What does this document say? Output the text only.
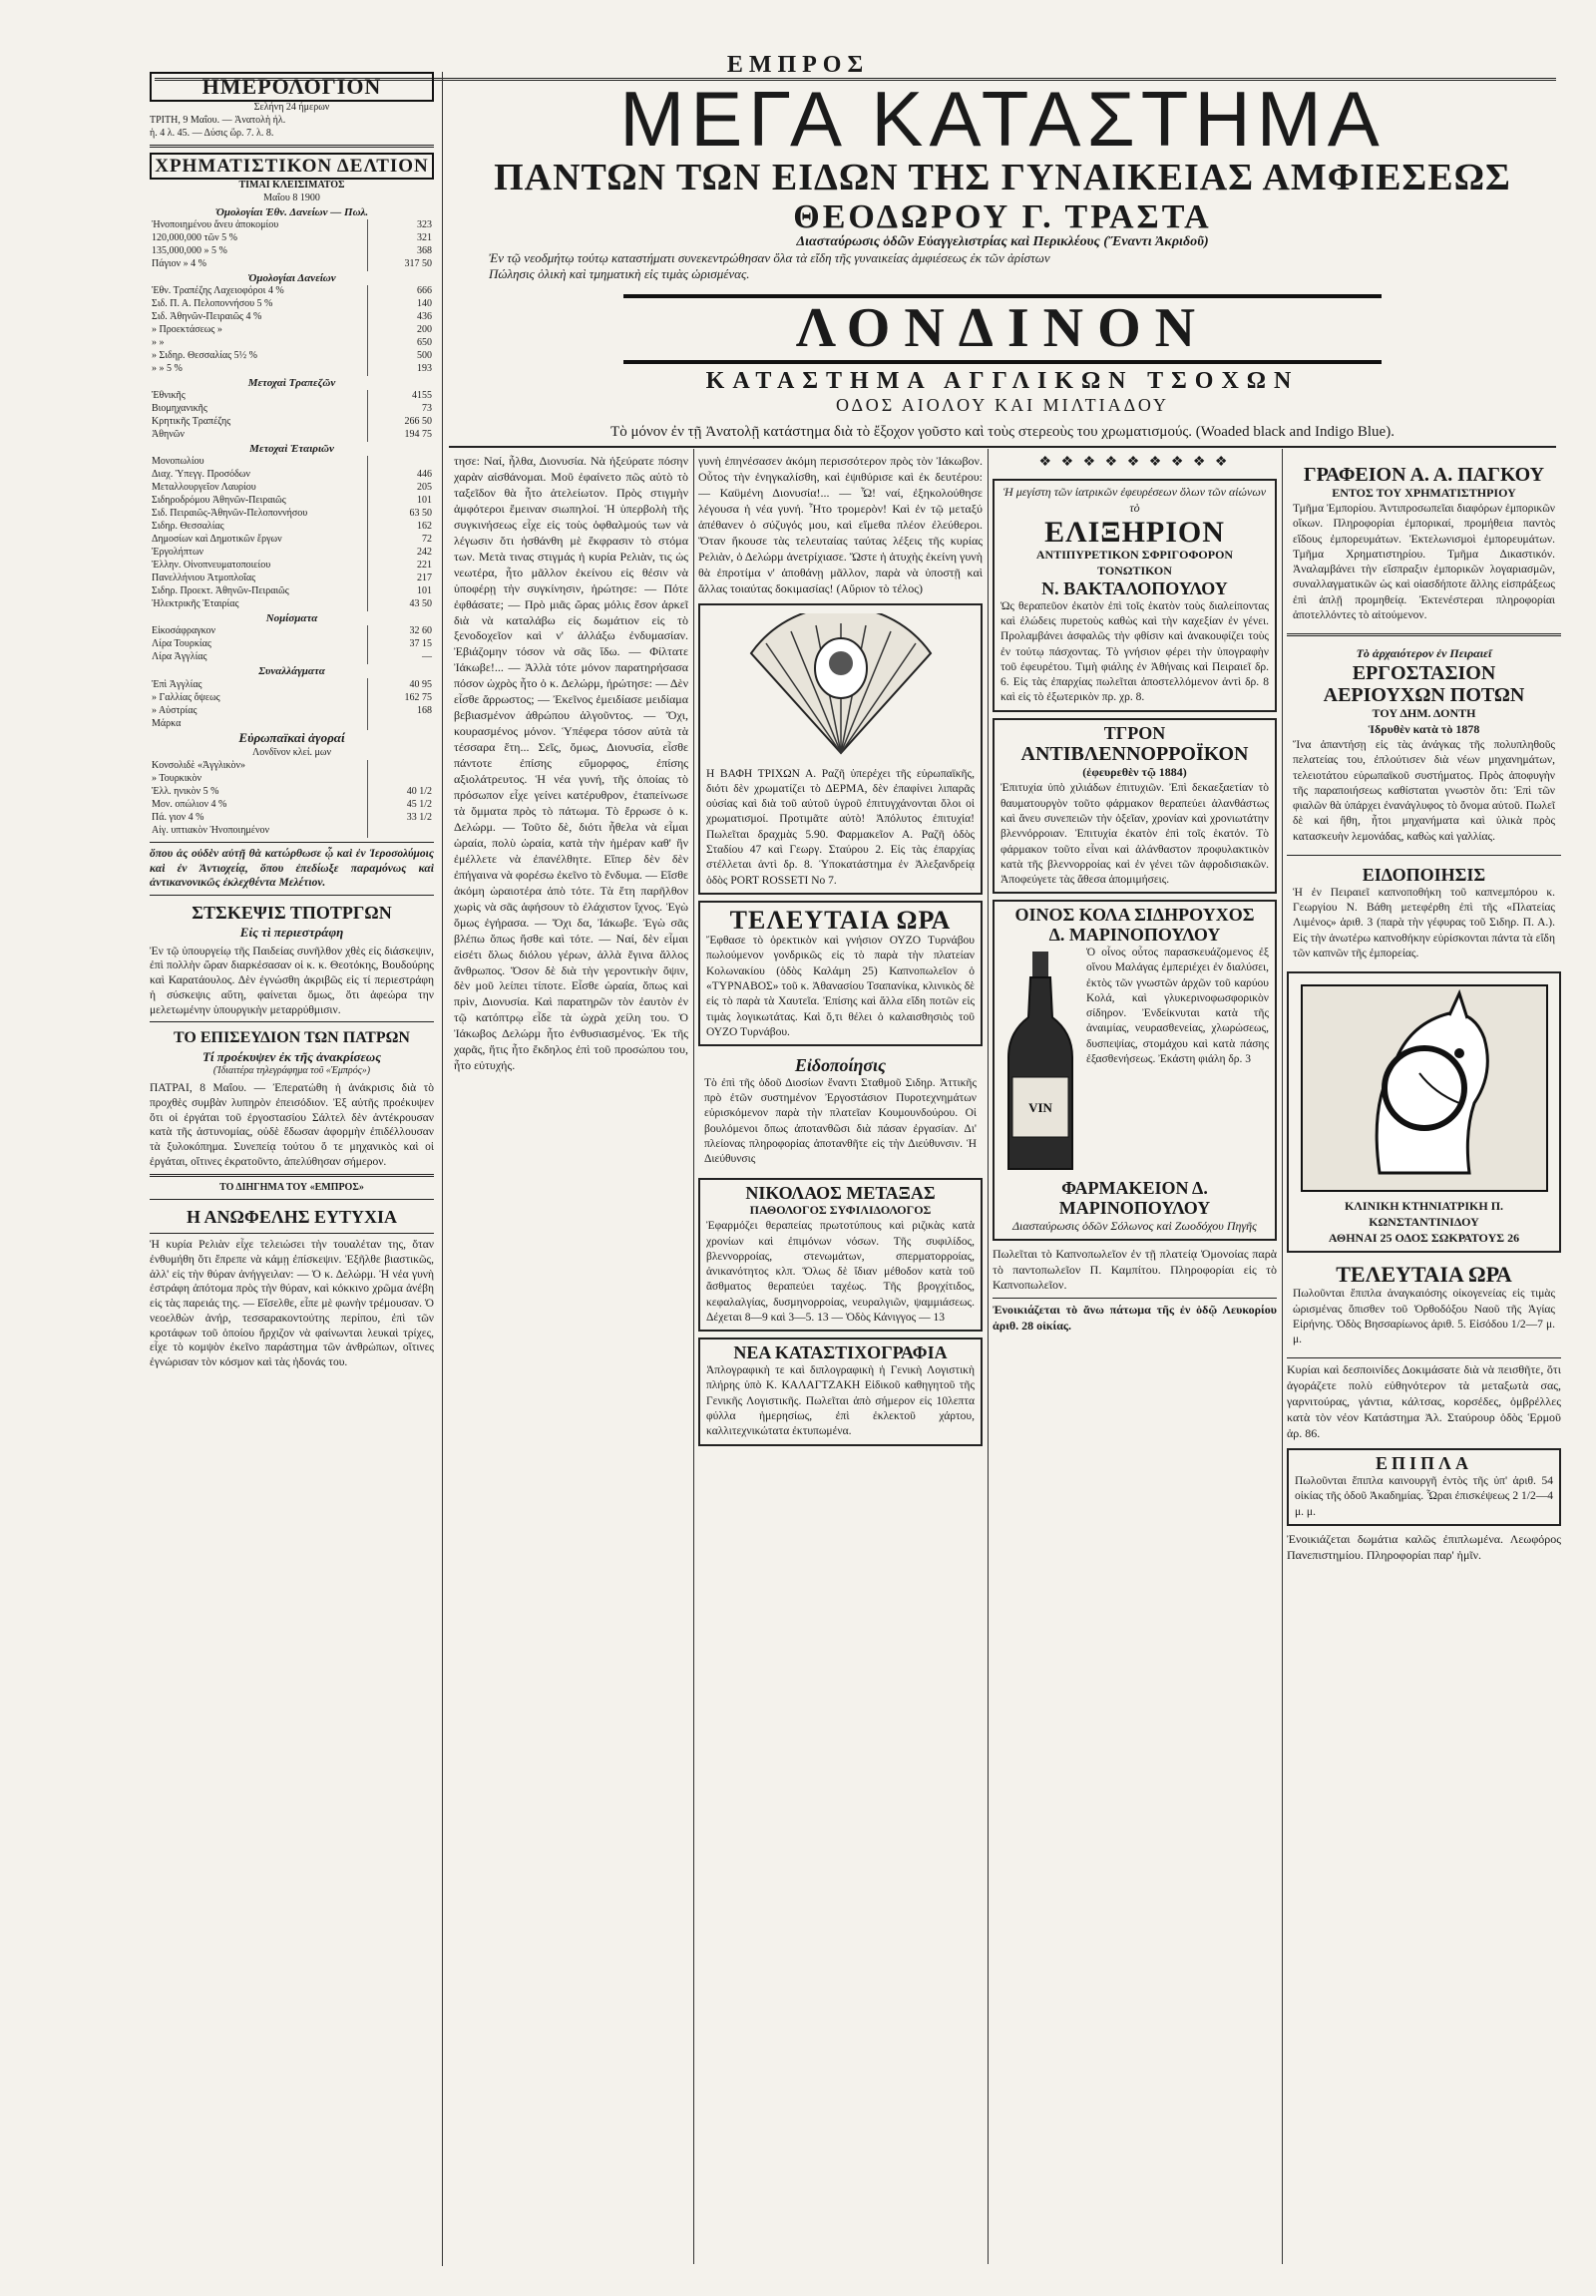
ΕΜΠΡΟΣ
ΗΜΕΡΟΛΟΓΙΟΝ
Σελήνη 24 ήμερων
ΤΡΙΤΗ, 9 Μαΐου. — Ἀνατολὴ ἡλ.
ἡ. 4 λ. 45. — Δύσις ὥρ. 7. λ. 8.
ΧΡΗΜΑΤΙΣΤΙΚΟΝ ΔΕΛΤΙΟΝ
ΤΙΜΑΙ ΚΛΕΙΣΙΜΑΤΟΣ
Μαΐου 8 1900
Ὁμολογίαι Ἐθν. Δανείων — Πωλ.
Ἠνοποιημένου ἄνευ ἀποκομίου	323
120,000,000 τῶν 5 %	321
135,000,000 » 5 %	368
Πάγιον » 4 %	317 50
Ὁμολογίαι Δανείων
Ἐθν. Τραπέζης Λαχειοφόροι 4 %	666
Σιδ. Π. Α. Πελοποννήσου 5 %	140
Σιδ. Ἀθηνῶν-Πειραιῶς 4 %	436
» Προεκτάσεως »	200
» »	650
» Σιδηρ. Θεσσαλίας 5½ %	500
» » 5 %	193
Μετοχαὶ Τραπεζῶν
Ἐθνικῆς	4155
Βιομηχανικῆς	73
Κρητικῆς Τραπέζης	266 50
Ἀθηνῶν	194 75
Μετοχαὶ Ἑταιριῶν
Μονοπωλίου	
Διαχ. Ὑπεγγ. Προσόδων	446
Μεταλλουργεῖον Λαυρίου	205
Σιδηροδρόμου Ἀθηνῶν-Πειραιῶς	101
Σιδ. Πειραιῶς-Ἀθηνῶν-Πελοποννήσου	63 50
Σιδηρ. Θεσσαλίας	162
Δημοσίων καὶ Δημοτικῶν ἔργων	72
Ἐργολήπτων	242
Ἑλλην. Οἰνοπνευματοποιείου	221
Πανελλήνιου Ἀτμοπλοΐας	217
Σιδηρ. Προεκτ. Ἀθηνῶν-Πειραιῶς	101
Ἠλεκτρικῆς Ἑταιρίας	43 50
Νομίσματα
Εἰκοσάφραγκον	32 60
Λίρα Τουρκίας	37 15
Λίρα Ἀγγλίας	—
Συναλλάγματα
Ἐπὶ Ἀγγλίας	40 95
» Γαλλίας ὄψεως	162 75
» Αὐστρίας	168
Μάρκα	
Εὐρωπαϊκαὶ ἀγοραί
Λονδῖνον κλεί. μων
Κονσολιδὲ «Ἀγγλικὸν»	
» Τουρκικὸν	
Ἑλλ. ηνικὸν 5 %	40 1/2
Μον. οπώλιον 4 %	45 1/2
Πά. γιον 4 %	33 1/2
Αἰγ. υπτιακὸν Ἠνοποιημένον	
ὅπου ἀς οὐδὲν αὐτῇ θὰ κατώρθωσε ᾧ καὶ ἐν Ἱεροσολύμοις καὶ ἐν Ἀντιοχείᾳ, ὅπου ἐπεδίωξε παραμόνως καὶ ἀντικανονικῶς ἐκλεχθέντα Μελέτιον.
ΣΤΣΚΕΨΙΣ ΤΠΟΤΡΓΩΝ
Εἰς τὶ περιεστράφη
Ἐν τῷ ὑπουργείῳ τῆς Παιδείας συνῆλθον χθὲς εἰς διάσκεψιν, ἐπὶ πολλὴν ὥραν διαρκέσασαν οἱ κ. κ. Θεοτόκης, Βουδούρης καὶ Καρατάουλος. Δὲν ἐγνώσθη ἀκριβῶς εἰς τί περιεστράφη ἡ σύσκεψις αὕτη, φαίνεται ὅμως, ὅτι ἀφεώρα την μελετωμένην ὑπουργικὴν μεταρρύθμισιν.
ΤΟ ΕΠΙΣΕΥΔΙΟΝ ΤΩΝ ΠΑΤΡΩΝ
Τί προέκυψεν ἐκ τῆς ἀνακρίσεως
(Ἰδιαιτέρα τηλεγράφημα τοῦ «Ἐμπρός»)
ΠΑΤΡΑΙ, 8 Μαΐου. — Ἐπερατώθη ἡ ἀνάκρισις διὰ τὸ προχθὲς συμβὰν λυπηρὸν ἐπεισόδιον. Ἐξ αὐτῆς προέκυψεν ὅτι οἱ ἐργάται τοῦ ἐργοστασίου Σάλτελ δὲν ἀντέκρουσαν κατὰ τῆς ἀστυνομίας, οὐδὲ ἔδωσαν ἀφορμὴν ἐπιδέλλουσαν τὰ ξυλοκόπημα. Συνεπείᾳ τούτου ὅ τε μηχανικὸς καὶ οἱ ἐργάται, οἵτινες ἐκρατοῦντο, ἀπελύθησαν σήμερον.
ΤΟ ΔΙΗΓΗΜΑ ΤΟΥ «ΕΜΠΡΟΣ»
Η ΑΝΩΦΕΛΗΣ ΕΥΤΥΧΙΑ
Ἡ κυρία Ρελιὰν εἶχε τελειώσει τὴν τουαλέταν της, ὅταν ἐνθυμήθη ὅτι ἔπρεπε νὰ κάμῃ ἐπίσκεψιν. Ἐξῆλθε βιαστικῶς, ἀλλ' εἰς τὴν θύραν ἀνήγγειλαν: — Ὁ κ. Δελώρμ. Ἡ νέα γυνὴ ἐστράφη ἀπότομα πρὸς τὴν θύραν, καὶ κόκκινο χρῶμα ἀνέβη εἰς τὰς παρειάς της. — Εἴσελθε, εἶπε μὲ φωνὴν τρέμουσαν. Ὁ νεοελθὼν ἀνήρ, τεσσαρακοντούτης περίπου, ἐπὶ τῶν κροτάφων τοῦ ὁποίου ἤρχιζον νὰ φαίνωνται λευκαὶ τρίχες, εἶχε τὸ κομψὸν ἐκεῖνο παράστημα τῶν ἀνθρώπων, οἵτινες ἐγνώρισαν τὸν κόσμον καὶ τὰς ἡδονάς του.
ΜΕΓΑ ΚΑΤΑΣΤΗΜΑ
ΠΑΝΤΩΝ ΤΩΝ ΕΙΔΩΝ ΤΗΣ ΓΥΝΑΙΚΕΙΑΣ ΑΜΦΙΕΣΕΩΣ
ΘΕΟΔΩΡΟΥ Γ. ΤΡΑΣΤΑ
Διασταύρωσις ὁδῶν Εὐαγγελιστρίας καὶ Περικλέους (Ἔναντι Ἀκριδοῦ)
Ἐν τῷ νεοδμήτῳ τούτῳ καταστήματι συνεκεντρώθησαν ὅλα τὰ εἴδη τῆς γυναικείας ἀμφιέσεως ἐκ τῶν ἀρίστων
Πώλησις ὁλικὴ καὶ τμηματικὴ εἰς τιμὰς ὡρισμένας.
ΛΟΝΔΙΝΟΝ
ΚΑΤΑΣΤΗΜΑ ΑΓΓΛΙΚΩΝ ΤΣΟΧΩΝ
ΟΔΟΣ ΑΙΟΛΟΥ ΚΑΙ ΜΙΛΤΙΑΔΟΥ
Τὸ μόνον ἐν τῇ Ἀνατολῇ κατάστημα διὰ τὸ ἔξοχον γοῦστο καὶ τοὺς στερεοὺς του χρωματισμούς. (Woaded black and Indigo Blue).
τησε: Ναί, ἦλθα, Διονυσία. Νὰ ἠξεύρατε πόσην χαρὰν αἰσθάνομαι. Μοῦ ἐφαίνετο πῶς αὐτὸ τὸ ταξεῖδον θὰ ἦτο ἀτελείωτον. Πρὸς στιγμὴν ἀμφότεροι ἔμειναν σιωπηλοί. Ἡ ὑπερβολὴ τῆς συγκινήσεως εἶχε εἰς τοὺς ὀφθαλμούς των νὰ λέγωσιν ὅτι ἠσθάνθη μὲ ἔκφρασιν τὸ στόμα των. Μετὰ τινας στιγμάς ἡ κυρία Ρελιὰν, τις ὡς νεωτέρα, ἦτο μᾶλλον ἐκείνου εἰς θέσιν νὰ ὑποφέρῃ τὴν συγκίνησιν, ἠρώτησε: — Πότε ἐφθάσατε; — Πρὸ μιᾶς ὥρας μόλις ἔσον ἀρκεῖ διὰ νὰ καταλάβω εἰς δωμάτιον εἰς τὸ ξενοδοχεῖον καὶ ν' ἀλλάξω ἐνδυμασίαν. Ἐβιάζομην τόσον νὰ σᾶς ἴδω. — Φίλτατε Ἰάκωβε!... — Ἀλλὰ τότε μόνον παρατηρήσασα πόσον ὠχρὸς ἦτο ὁ κ. Δελώρμ, ἠρώτησε: — Δὲν εἶσθε ἄρρωστος; — Ἐκεῖνος ἐμειδίασε μειδίαμα βεβιασμένον ἀθρώπου ἀλγοῦντος. — Ὄχι, κουρασμένος μόνον. Ὑπέφερα τόσον αὐτὰ τὰ τέσσαρα ἔτη... Σεῖς, ὅμως, Διονυσία, εἶσθε πάντοτε ἐπίσης εὔμορφος, ἐπίσης αξιολάτρευτος. Ἡ νέα γυνή, τῆς ὁποίας τὸ πρόσωπον εἶχε γείνει κατέρυθρον, ἐταπείνωσε τὰ ὄμματα πρὸς τὸ πάτωμα. Τὸ ἔρρωσε ὁ κ. Δελώρμ. — Τοῦτο δὲ, διότι ἦθελα νὰ εἶμαι ὡραία, πολὺ ὡραία, κατὰ τὴν ἡμέραν καθ' ἣν ἐμέλλετε νὰ ἐπανέλθητε. Εἴπερ δὲν δὲν ἐπήγαινα νὰ φορέσω ἐκεῖνο τὸ ἔνδυμα. — Εἴσθε ἀκόμη ὡραιοτέρα ἀπὸ τότε. Τὰ ἔτη παρῆλθον χωρὶς νὰ σᾶς ἀφήσουν τὸ ἐλάχιστον ἴχνος. Ἐγὼ ὅμως ἐγήρασα. — Ὄχι δα, Ἰάκωβε. Ἐγὼ σᾶς βλέπω ὅπως ἤσθε καὶ τότε. — Ναί, δὲν εἶμαι εἰσέτι ὅλως διόλου γέρων, ἀλλὰ ἔγινα ἄλλος ἄνθρωπος. Ὅσον δὲ διὰ τὴν γεροντικὴν ὄψιν, δὲν μοῦ λείπει τίποτε. Εἶσθε ὡραία, ὅπως καὶ πρὶν, Διονυσία. Καὶ παρατηρῶν τὸν ἐαυτὸν ἐν τῷ κατόπτρῳ εἶδε τὰ ὠχρὰ χείλη του. Ὁ Ἰάκωβος Δελώρμ ἦτο ἐνθυσιασμένος. Ἐκ τῆς χαρᾶς, ἥτις ἦτο ἔκδηλος ἐπὶ τοῦ προσώπου του, ἦτο εὐτυχής.
γυνὴ ἐπηνέσασεν ἀκόμη περισσότερον πρὸς τὸν Ἰάκωβον. Οὗτος τὴν ἐνηγκαλίσθη, καὶ ἐψιθύρισε καὶ ἐκ δευτέρου: — Καϋμένη Διονυσία!... — Ὦ! ναί, ἐξηκολούθησε λέγουσα ἡ νέα γυνή. Ἦτο τρομερὸν! Καὶ ἐν τῷ μεταξύ ἀπέθανεν ὁ σύζυγός μου, καὶ εἴμεθα πλέον ἐλεύθεροι. Ὅταν ἤκουσε τὰς τελευταίας ταύτας λέξεις τῆς κυρίας Ρελιὰν, ὁ Δελώρμ ἀνετρίχιασε. Ὤστε ἡ ἀτυχὴς ἐκείνη γυνὴ θὰ ἐπροτίμα ν' ἀποθάνῃ μᾶλλον, παρὰ νὰ ὑποστῇ καὶ ἄλλας τοιαύτας δοκιμασίας! (Αὔριον τὸ τέλος)
Η ΒΑΦΗ ΤΡΙΧΩΝ Α. Ραζῆ ὑπερέχει τῆς εὐρωπαϊκῆς, διότι δὲν χρωματίζει τὸ ΔΕΡΜΑ, δὲν ἐπαφίνει λιπαρᾶς οὐσίας καὶ διὰ τοῦ αὐτοῦ ὑγροῦ ἐπιτυγχάνονται ὅλοι οἱ χρωματισμοί. Προτιμᾶτε αὐτὸ! Ἀπόλυτος ἐπιτυχία! Πωλεῖται δραχμὰς 5.90. Φαρμακεῖον Α. Ραζῆ ὁδὸς Σταδίου 47 καὶ Γεωργ. Σταύρου 2. Εἰς τὰς ἐπαρχίας στέλλεται ἀντὶ δρ. 8. Ὑποκατάστημα ἐν Ἀλεξανδρείᾳ ὁδὸς PORT ROSSETI No 7.
ΤΕΛΕΥΤΑΙΑ ΩΡΑ
Ἔφθασε τὸ ὀρεκτικὸν καὶ γνήσιον ΟΥΖΟ Τυρνάβου πωλούμενον γονδρικῶς εἰς τὸ παρὰ τὴν πλατείαν Κολωνακίου (ὁδὸς Καλάμη 25) Καπνοπωλεῖον ὁ «ΤΥΡΝΑΒΟΣ» τοῦ κ. Ἀθανασίου Τσαπανίκα, κλινικὸς δὲ εἰς τὸ παρὰ τὰ Χαυτεῖα. Ἐπίσης καὶ ἄλλα εἴδη ποτῶν εἰς τιμὰς λογικωτάτας. Καὶ ὅ,τι θέλει ὁ καλαισθησιὸς τοῦ ΟΥΖΟ Τυρνάβου.
Εἰδοποίησις
Τὸ ἐπὶ τῆς ὁδοῦ Διοσίων ἔναντι Σταθμοῦ Σιδηρ. Ἀττικῆς πρὸ ἐτῶν συστημένον Ἐργοστάσιον Πυροτεχνημάτων εὐρισκόμενον παρὰ τὴν πλατεῖαν Κουμουνδούρου. Οἱ βουλόμενοι ὅπως ἀποτανθῶσι διὰ πάσαν ἐργασίαν. Δι' πλείονας πληροφορίας ἀποτανθῆτε εἰς τὴν Διεύθυνσιν. Ἡ Διεύθυνσις
ΝΙΚΟΛΑΟΣ ΜΕΤΑΞΑΣ
ΠΑΘΟΛΟΓΟΣ ΣΥΦΙΛΙΔΟΛΟΓΟΣ
Ἐφαρμόζει θεραπείας πρωτοτύπους καὶ ριζικὰς κατὰ χρονίων καὶ ἐπιμόνων νόσων. Τῆς συφιλίδος, βλεννορροίας, στενωμάτων, σπερματορροίας, ἀνικανότητος κλπ. Ὅλως δὲ ἴδιαν μέθοδον κατὰ τοῦ ἄσθματος θεραπεύει ταχέως. Τῆς βρογχίτιδος, κεφαλαλγίας, δυσμηνορροίας, νευραλγιῶν, ψαμμιάσεως. Δέχεται 8—9 καὶ 3—5. 13 — Ὁδὸς Κάνιγγος — 13
ΝΕΑ ΚΑΤΑΣΤΙΧΟΓΡΑΦΙΑ
Ἁπλογραφικὴ τε καὶ διπλογραφικὴ ἡ Γενικὴ Λογιστικὴ πλήρης ὑπὸ Κ. ΚΑΛΑΓΤΖΑΚΗ Εἰδικοῦ καθηγητοῦ τῆς Γενικῆς Λογιστικῆς. Πωλεῖται ἀπὸ σήμερον εἰς 10λεπτα φύλλα ἡμερησίως, ἐπὶ ἐκλεκτοῦ χάρτου, καλλιτεχνικώτατα ἐκτυπωμένα.
❖ ❖ ❖ ❖ ❖ ❖ ❖ ❖ ❖
Ἡ μεγίστη τῶν ἰατρικῶν ἐφευρέσεων ὅλων τῶν αἰώνων τὸ
ΕΛΙΞΗΡΙΟΝ
ΑΝΤΙΠΥΡΕΤΙΚΟΝ ΣΦΡΙΓΟΦΟΡΟΝ ΤΟΝΩΤΙΚΟΝ
Ν. ΒΑΚΤΑΛΟΠΟΥΛΟΥ
Ὡς θεραπεῦον ἐκατὸν ἐπὶ τοῖς ἑκατὸν τοὺς διαλείποντας καὶ ἐλώδεις πυρετοὺς καθὼς καὶ τὴν καχεξίαν ἐν γένει. Προλαμβάνει ἀσφαλῶς τὴν φθίσιν καὶ ἀνακουφίζει τοὺς ἐν τούτῳ πάσχοντας. Τὸ γνήσιον φέρει τὴν ὑπογραφὴν τοῦ ἐφευρέτου. Τιμὴ φιάλης ἐν Ἀθήναις καὶ Πειραιεῖ δρ. 6. Εἰς τὰς ἐπαρχίας πωλεῖται ἀποστελλόμενον ἀντὶ δρ. 8 καὶ εἰς τὸ ἐξωτερικὸν πρ. χρ. 8.
ΤΓΡΟΝ
ΑΝΤΙΒΛΕΝΝΟΡΡΟΪΚΟΝ
(ἐφευρεθὲν τῷ 1884)
Ἐπιτυχία ὑπὸ χιλιάδων ἐπιτυχιῶν. Ἐπὶ δεκαεξαετίαν τὸ θαυματουργὸν τοῦτο φάρμακον θεραπεύει ἀλανθάστως καὶ ἄνευ συνεπειῶν τὴν ὀξεῖαν, χρονίαν καὶ χρονιωτάτην βλεννόρροιαν. Ἐπιτυχία ἐκατὸν ἐπὶ τοῖς ἑκατόν. Τὸ φάρμακον τοῦτο εἶναι καὶ ἀλάνθαστον προφυλακτικὸν κατὰ τῆς βλεννορροίας καὶ ἐν γένει τῶν ἀφροδισιακῶν. Ἀποφεύγετε τὰς ἄθεσα ἀπομιμήσεις.
ΟΙΝΟΣ ΚΟΛΑ ΣΙΔΗΡΟΥΧΟΣ
Δ. ΜΑΡΙΝΟΠΟΥΛΟΥ
VIN
Ὁ οἶνος οὗτος παρασκευάζομενος ἐξ οἴνου Μαλάγας ἐμπεριέχει ἐν διαλύσει, ἐκτὸς τῶν γνωστῶν ἀρχῶν τοῦ καρύου Κολά, καὶ γλυκερινοφωσφορικὸν σίδηρον. Ἐνδείκνυται κατὰ τῆς ἀναιμίας, νευρασθενείας, χλωρώσεως, δυσπεψίας, στομάχου καὶ κατὰ πάσης ἐξασθενήσεως. Ἐκάστη φιάλη δρ. 3
ΦΑΡΜΑΚΕΙΟΝ Δ. ΜΑΡΙΝΟΠΟΥΛΟΥ
Διασταύρωσις ὁδῶν Σόλωνος καὶ Ζωοδόχου Πηγῆς
Πωλεῖται τὸ Καπνοπωλεῖον ἐν τῇ πλατείᾳ Ὁμονοίας παρὰ τὸ παντοπωλεῖον Π. Καμπίτου. Πληροφορίαι εἰς τὸ Καπνοπωλεῖον.
Ἐνοικιάζεται τὸ ἄνω πάτωμα τῆς ἐν ὁδῷ Λευκορίου ἀριθ. 28 οἰκίας.
ΓΡΑΦΕΙΟΝ Α. Α. ΠΑΓΚΟΥ
ΕΝΤΟΣ ΤΟΥ ΧΡΗΜΑΤΙΣΤΗΡΙΟΥ
Τμῆμα Ἐμπορίου. Ἀντιπροσωπεῖαι διαφόρων ἐμπορικῶν οἴκων. Πληροφορίαι ἐμπορικαί, προμήθεια παντὸς εἴδους ἐμπορευμάτων. Ἐκτελωνισμοὶ ἐμπορευμάτων. Τμῆμα Χρηματιστηρίου. Τμῆμα Δικαστικόν. Ἀναλαμβάνει τὴν εἴσπραξιν ἐμπορικῶν λογαριασμῶν, συναλλαγματικῶν ὡς καὶ οἱασδήποτε ἄλλης εἰσπράξεως ἐπὶ ἀπλῇ προμηθείᾳ. Ἐκτενέστεραι πληροφορίαι ἀποτελλόντες τὸ αἰτούμενον.
Τὸ ἀρχαιότερον ἐν Πειραιεῖ
ΕΡΓΟΣΤΑΣΙΟΝ ΑΕΡΙΟΥΧΩΝ ΠΟΤΩΝ
ΤΟΥ ΔΗΜ. ΔΟΝΤΗ
Ἱδρυθὲν κατὰ τὸ 1878
Ἵνα ἀπαντήσῃ εἰς τὰς ἀνάγκας τῆς πολυπληθοῦς πελατείας του, ἐπλούτισεν διὰ νέων μηχανημάτων, τελειοτάτου εὐρωπαϊκοῦ συστήματος. Πρὸς ἀποφυγὴν τῆς παραποιήσεως καθίσταται γνωστὸν ὅτι: Ἐπὶ τῶν φιαλῶν θὰ ὑπάρχει ἐνανάγλυφος τὸ ὄνομα αὐτοῦ. Πωλεῖ δὲ καὶ ἤθη, ἦτοι μηχανήματα καὶ ὑλικὰ πρὸς κατασκευὴν λεμονάδας, καθὼς καὶ γαλλίας.
ΕΙΔΟΠΟΙΗΣΙΣ
Ἡ ἐν Πειραιεῖ καπνοποθήκη τοῦ καπνεμπόρου κ. Γεωργίου Ν. Βάθη μετεφέρθη ἐπὶ τῆς «Πλατείας Λιμένος» ἀριθ. 3 (παρὰ τὴν γέφυρας τοῦ Σιδηρ. Π. Α.). Εἰς τὴν ἀνωτέρω καπνοθήκην εὑρίσκονται πάντα τὰ εἴδη τῶν καπνῶν τῆς ἐμπορείας.
ΚΛΙΝΙΚΗ ΚΤΗΝΙΑΤΡΙΚΗ Π. ΚΩΝΣΤΑΝΤΙΝΙΔΟΥ
ΑΘΗΝΑΙ 25 ΟΔΟΣ ΣΩΚΡΑΤΟΥΣ 26
ΤΕΛΕΥΤΑΙΑ ΩΡΑ
Πωλοῦνται ἔπιπλα ἀναγκαιόσης οἰκογενείας εἰς τιμὰς ὡρισμένας ὄπισθεν τοῦ Ὀρθοδόξου Ναοῦ τῆς Ἁγίας Εἰρήνης. Ὁδὸς Βησσαρίωνος ἀριθ. 5. Εἰσόδου 1/2—7 μ. μ.
Κυρίαι καὶ δεσποινίδες Δοκιμάσατε διὰ νὰ πεισθῆτε, ὅτι ἀγοράζετε πολὺ εὐθηνότερον τὰ μεταξωτὰ σας, γαρνιτούρας, γάντια, κάλτσας, κορσέδες, ὀμβρέλλες κατὰ τὸν νέον Κατάστημα Ἀλ. Σταύρουρ ὁδὸς Ἑρμοῦ ἀρ. 86.
ΕΠΙΠΛΑ
Πωλοῦνται ἔπιπλα καινουργῆ ἐντὸς τῆς ὑπ' ἀριθ. 54 οἰκίας τῆς ὁδοῦ Ἀκαδημίας. Ὧραι ἐπισκέψεως 2 1/2—4 μ. μ.
Ἐνοικιάζεται δωμάτια καλῶς ἐπιπλωμένα. Λεωφόρος Πανεπιστημίου. Πληροφορίαι παρ' ἡμῖν.
